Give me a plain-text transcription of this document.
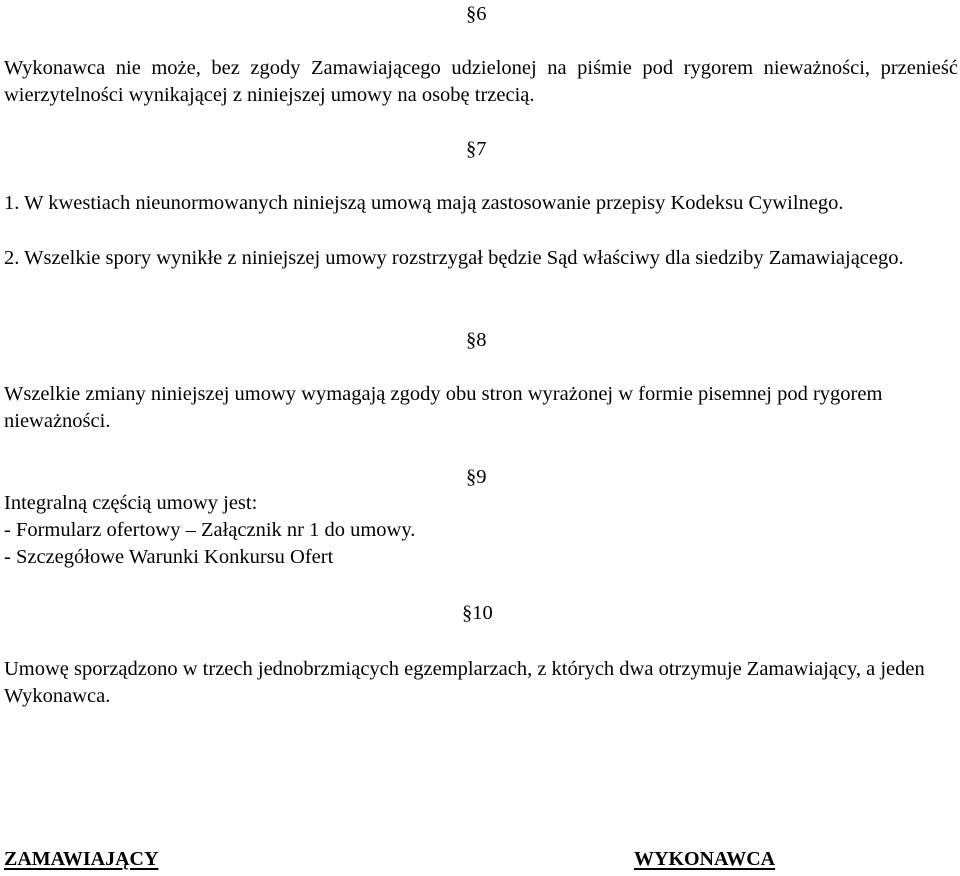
§6

Wykonawca nie może, bez zgody Zamawiającego udzielonej na piśmie pod rygorem nieważności, przenieść wierzytelności wynikającej z niniejszej umowy na osobę trzecią.

§7

1. W kwestiach nieunormowanych niniejszą umową mają zastosowanie przepisy Kodeksu Cywilnego.

2. Wszelkie spory wynikłe z niniejszej umowy rozstrzygał będzie Sąd właściwy dla siedziby Zamawiającego.

§8

Wszelkie zmiany niniejszej umowy wymagają zgody obu stron wyrażonej w formie pisemnej pod rygorem nieważności.

§9
Integralną częścią umowy jest:
- Formularz ofertowy – Załącznik nr 1 do umowy.
- Szczegółowe Warunki Konkursu Ofert
§10

Umowę sporządzono w trzech jednobrzmiących egzemplarzach, z których dwa otrzymuje Zamawiający, a jeden Wykonawca.

ZAMAWIAJĄCY	WYKONAWCA
